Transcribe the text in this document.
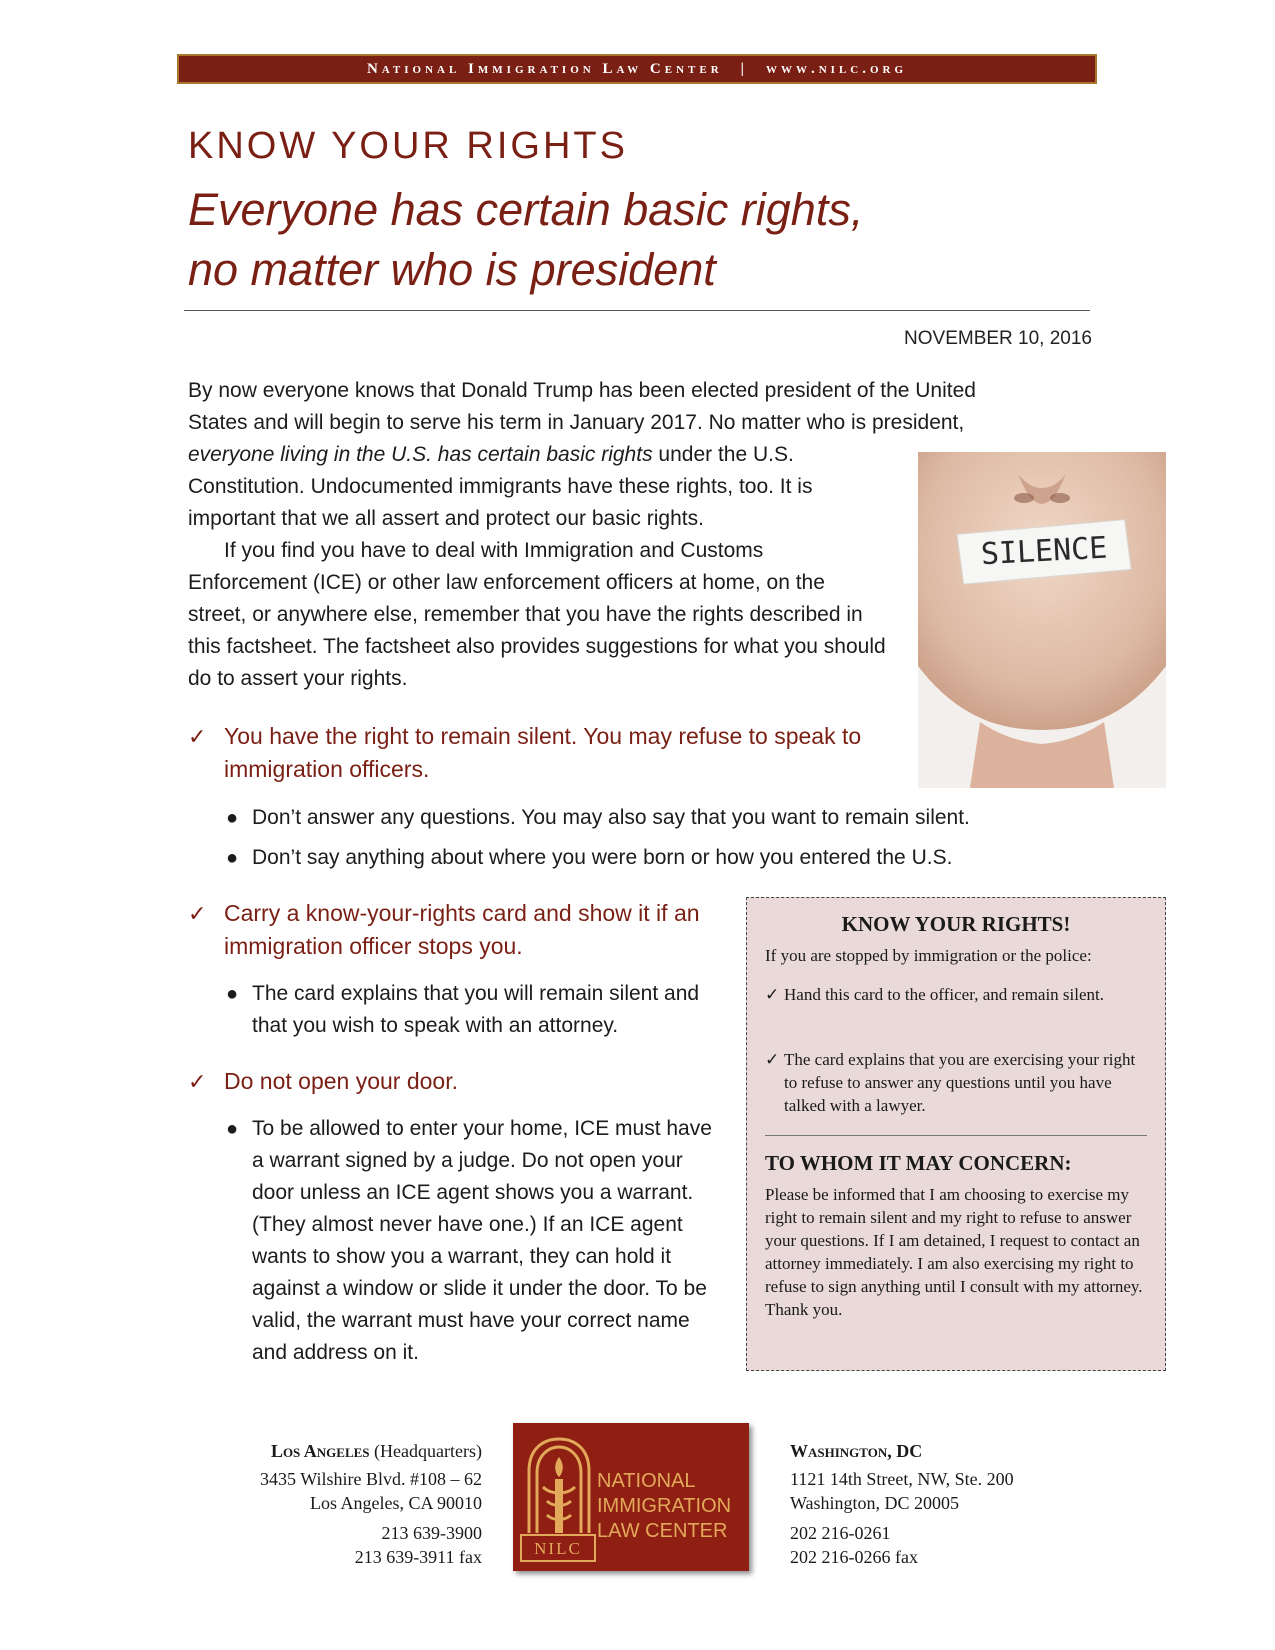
National Immigration Law Center | www.nilc.org
KNOW YOUR RIGHTS
Everyone has certain basic rights,
no matter who is president
NOVEMBER 10, 2016
By now everyone knows that Donald Trump has been elected president of the United
States and will begin to serve his term in January 2017. No matter who is president,
everyone living in the U.S. has certain basic rights under the U.S. Constitution. Undocumented immigrants have these rights, too. It is important that we all assert and protect our basic rights.
If you find you have to deal with Immigration and Customs Enforcement (ICE) or other law enforcement officers at home, on the street, or anywhere else, remember that you have the rights described in this factsheet. The factsheet also provides suggestions for what you should do to assert your rights.
SILENCE
✓ You have the right to remain silent. You may refuse to speak to immigration officers.
● Don’t answer any questions. You may also say that you want to remain silent.
● Don’t say anything about where you were born or how you entered the U.S.
✓ Carry a know-your-rights card and show it if an immigration officer stops you.
● The card explains that you will remain silent and that you wish to speak with an attorney.
✓ Do not open your door.
● To be allowed to enter your home, ICE must have a warrant signed by a judge. Do not open your door unless an ICE agent shows you a warrant. (They almost never have one.) If an ICE agent wants to show you a warrant, they can hold it against a window or slide it under the door. To be valid, the warrant must have your correct name and address on it.
KNOW YOUR RIGHTS!
If you are stopped by immigration or the police:
✓ Hand this card to the officer, and remain silent.
✓ The card explains that you are exercising your right to refuse to answer any questions until you have talked with a lawyer.
TO WHOM IT MAY CONCERN:
Please be informed that I am choosing to exercise my right to remain silent and my right to refuse to answer your questions. If I am detained, I request to contact an attorney immediately. I am also exercising my right to refuse to sign anything until I consult with my attorney. Thank you.
Los Angeles (Headquarters)
3435 Wilshire Blvd. #108 – 62
Los Angeles, CA 90010
213 639-3900
213 639-3911 fax	NILC
NATIONAL
IMMIGRATION
LAW CENTER
Washington, DC
1121 14th Street, NW, Ste. 200
Washington, DC 20005
202 216-0261
202 216-0266 fax
